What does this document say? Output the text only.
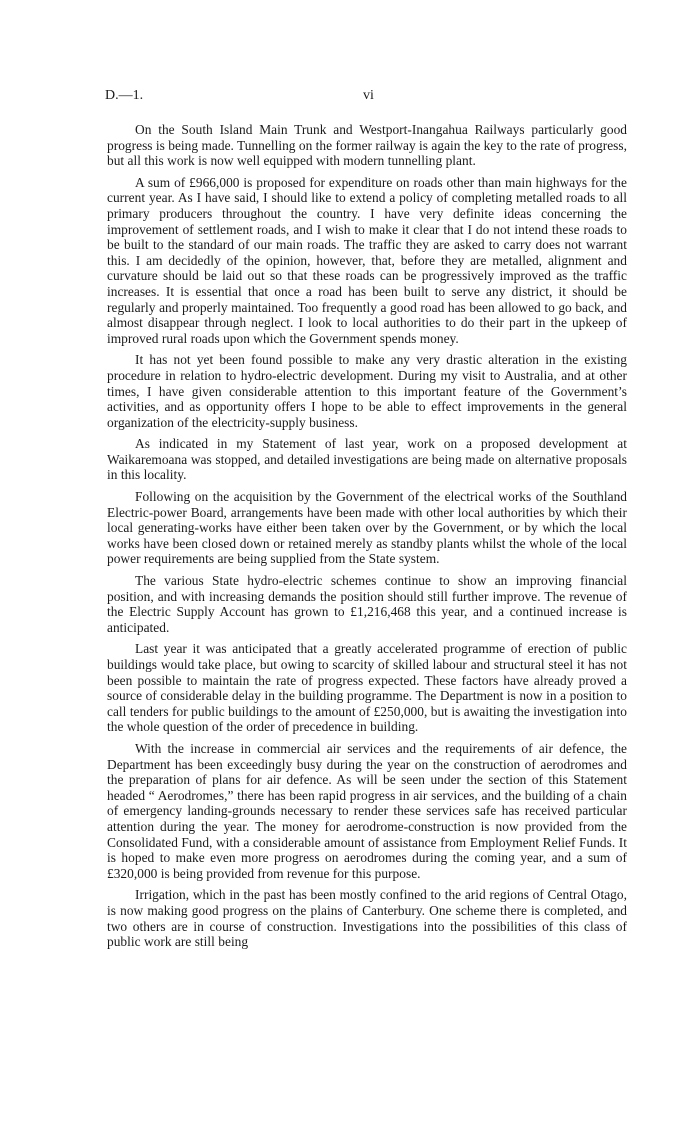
D.—1.	vi

On the South Island Main Trunk and Westport-Inangahua Railways particularly good progress is being made. Tunnelling on the former railway is again the key to the rate of progress, but all this work is now well equipped with modern tunnelling plant.

A sum of £966,000 is proposed for expenditure on roads other than main highways for the current year. As I have said, I should like to extend a policy of completing metalled roads to all primary producers throughout the country. I have very definite ideas concerning the improvement of settlement roads, and I wish to make it clear that I do not intend these roads to be built to the standard of our main roads. The traffic they are asked to carry does not warrant this. I am decidedly of the opinion, however, that, before they are metalled, alignment and curvature should be laid out so that these roads can be progressively improved as the traffic increases. It is essential that once a road has been built to serve any district, it should be regularly and properly maintained. Too frequently a good road has been allowed to go back, and almost disappear through neglect. I look to local authorities to do their part in the upkeep of improved rural roads upon which the Government spends money.

It has not yet been found possible to make any very drastic alteration in the existing procedure in relation to hydro-electric development. During my visit to Australia, and at other times, I have given considerable attention to this important feature of the Government’s activities, and as opportunity offers I hope to be able to effect improvements in the general organization of the electricity-supply business.

As indicated in my Statement of last year, work on a proposed development at Waikaremoana was stopped, and detailed investigations are being made on alternative proposals in this locality.

Following on the acquisition by the Government of the electrical works of the Southland Electric-power Board, arrangements have been made with other local authorities by which their local generating-works have either been taken over by the Government, or by which the local works have been closed down or retained merely as standby plants whilst the whole of the local power requirements are being supplied from the State system.

The various State hydro-electric schemes continue to show an improving financial position, and with increasing demands the position should still further improve. The revenue of the Electric Supply Account has grown to £1,216,468 this year, and a continued increase is anticipated.

Last year it was anticipated that a greatly accelerated programme of erection of public buildings would take place, but owing to scarcity of skilled labour and structural steel it has not been possible to maintain the rate of progress expected. These factors have already proved a source of considerable delay in the building programme. The Department is now in a position to call tenders for public buildings to the amount of £250,000, but is awaiting the investigation into the whole question of the order of precedence in building.

With the increase in commercial air services and the requirements of air defence, the Department has been exceedingly busy during the year on the construction of aerodromes and the preparation of plans for air defence. As will be seen under the section of this Statement headed “ Aerodromes,” there has been rapid progress in air services, and the building of a chain of emergency landing-grounds necessary to render these services safe has received particular attention during the year. The money for aerodrome-construction is now provided from the Consolidated Fund, with a considerable amount of assistance from Employment Relief Funds. It is hoped to make even more progress on aerodromes during the coming year, and a sum of £320,000 is being provided from revenue for this purpose.

Irrigation, which in the past has been mostly confined to the arid regions of Central Otago, is now making good progress on the plains of Canterbury. One scheme there is completed, and two others are in course of construction. Investigations into the possibilities of this class of public work are still being
